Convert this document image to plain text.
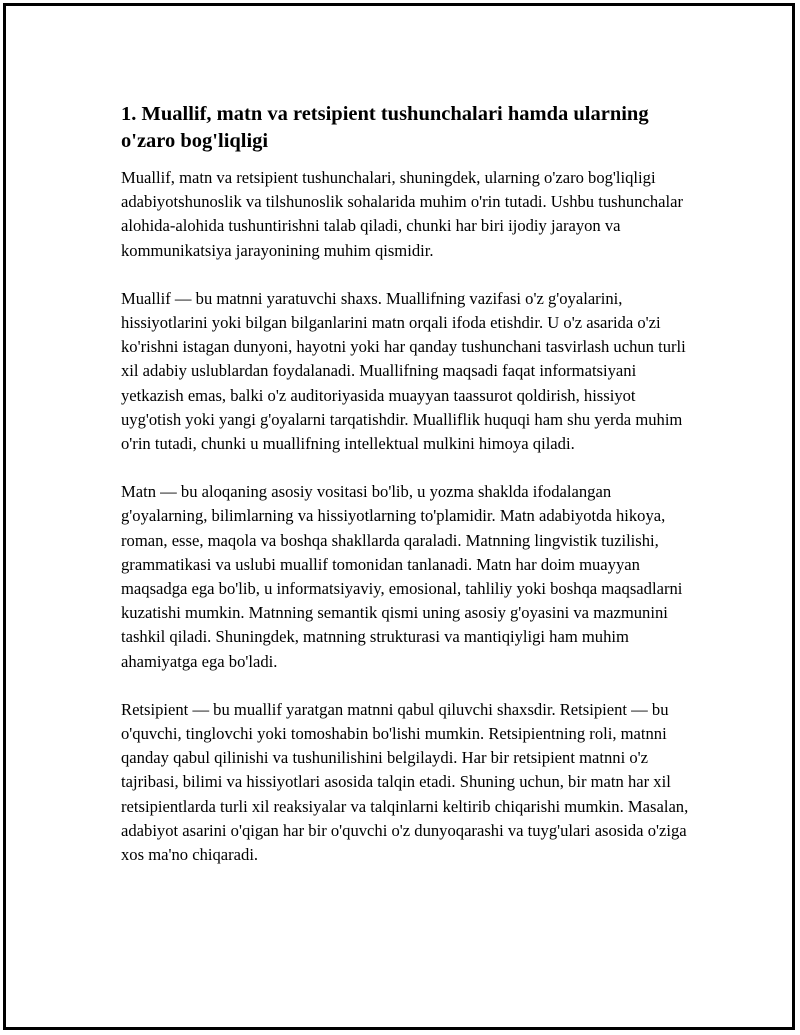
1. Muallif, matn va retsipient tushunchalari hamda ularning o'zaro bog'liqligi

Muallif, matn va retsipient tushunchalari, shuningdek, ularning o'zaro bog'liqligi adabiyotshunoslik va tilshunoslik sohalarida muhim o'rin tutadi. Ushbu tushunchalar alohida-alohida tushuntirishni talab qiladi, chunki har biri ijodiy jarayon va kommunikatsiya jarayonining muhim qismidir.

Muallif — bu matnni yaratuvchi shaxs. Muallifning vazifasi o'z g'oyalarini, hissiyotlarini yoki bilgan bilganlarini matn orqali ifoda etishdir. U o'z asarida o'zi ko'rishni istagan dunyoni, hayotni yoki har qanday tushunchani tasvirlash uchun turli xil adabiy uslublardan foydalanadi. Muallifning maqsadi faqat informatsiyani yetkazish emas, balki o'z auditoriyasida muayyan taassurot qoldirish, hissiyot uyg'otish yoki yangi g'oyalarni tarqatishdir. Mualliflik huquqi ham shu yerda muhim o'rin tutadi, chunki u muallifning intellektual mulkini himoya qiladi.

Matn — bu aloqaning asosiy vositasi bo'lib, u yozma shaklda ifodalangan g'oyalarning, bilimlarning va hissiyotlarning to'plamidir. Matn adabiyotda hikoya, roman, esse, maqola va boshqa shakllarda qaraladi. Matnning lingvistik tuzilishi, grammatikasi va uslubi muallif tomonidan tanlanadi. Matn har doim muayyan maqsadga ega bo'lib, u informatsiyaviy, emosional, tahliliy yoki boshqa maqsadlarni kuzatishi mumkin. Matnning semantik qismi uning asosiy g'oyasini va mazmunini tashkil qiladi. Shuningdek, matnning strukturasi va mantiqiyligi ham muhim ahamiyatga ega bo'ladi.

Retsipient — bu muallif yaratgan matnni qabul qiluvchi shaxsdir. Retsipient — bu o'quvchi, tinglovchi yoki tomoshabin bo'lishi mumkin. Retsipientning roli, matnni qanday qabul qilinishi va tushunilishini belgilaydi. Har bir retsipient matnni o'z tajribasi, bilimi va hissiyotlari asosida talqin etadi. Shuning uchun, bir matn har xil retsipientlarda turli xil reaksiyalar va talqinlarni keltirib chiqarishi mumkin. Masalan, adabiyot asarini o'qigan har bir o'quvchi o'z dunyoqarashi va tuyg'ulari asosida o'ziga xos ma'no chiqaradi.
